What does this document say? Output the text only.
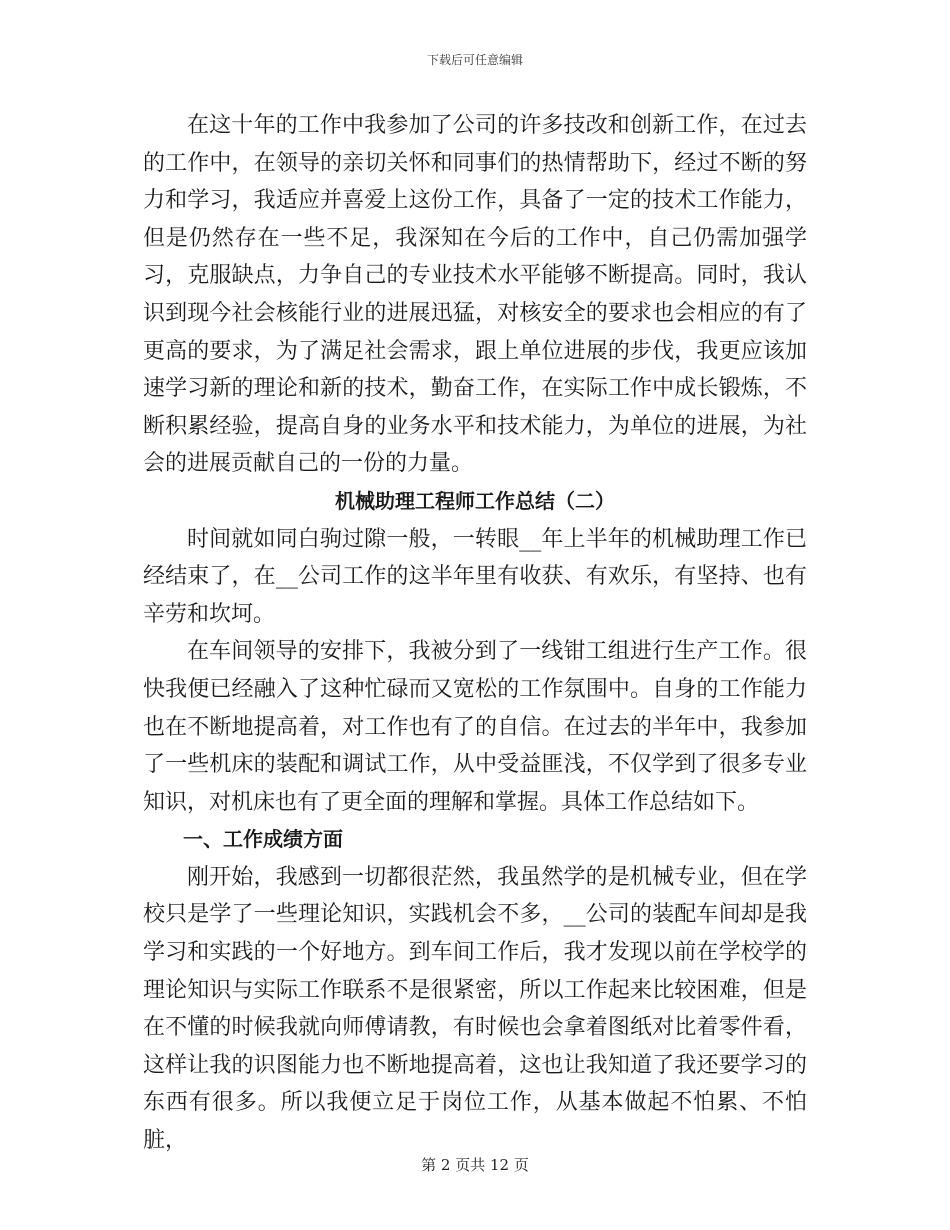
下载后可任意编辑

在这十年的工作中我参加了公司的许多技改和创新工作，在过去的工作中，在领导的亲切关怀和同事们的热情帮助下，经过不断的努力和学习，我适应并喜爱上这份工作，具备了一定的技术工作能力，但是仍然存在一些不足，我深知在今后的工作中，自己仍需加强学习，克服缺点，力争自己的专业技术水平能够不断提高。同时，我认识到现今社会核能行业的进展迅猛，对核安全的要求也会相应的有了更高的要求，为了满足社会需求，跟上单位进展的步伐，我更应该加速学习新的理论和新的技术，勤奋工作，在实际工作中成长锻炼，不断积累经验，提高自身的业务水平和技术能力，为单位的进展，为社会的进展贡献自己的一份的力量。

机械助理工程师工作总结（二）

时间就如同白驹过隙一般，一转眼__年上半年的机械助理工作已经结束了，在__公司工作的这半年里有收获、有欢乐，有坚持、也有辛劳和坎坷。

在车间领导的安排下，我被分到了一线钳工组进行生产工作。很快我便已经融入了这种忙碌而又宽松的工作氛围中。自身的工作能力也在不断地提高着，对工作也有了的自信。在过去的半年中，我参加了一些机床的装配和调试工作，从中受益匪浅，不仅学到了很多专业知识，对机床也有了更全面的理解和掌握。具体工作总结如下。

一、工作成绩方面

刚开始，我感到一切都很茫然，我虽然学的是机械专业，但在学校只是学了一些理论知识，实践机会不多，__公司的装配车间却是我学习和实践的一个好地方。到车间工作后，我才发现以前在学校学的理论知识与实际工作联系不是很紧密，所以工作起来比较困难，但是在不懂的时候我就向师傅请教，有时候也会拿着图纸对比着零件看，这样让我的识图能力也不断地提高着，这也让我知道了我还要学习的东西有很多。所以我便立足于岗位工作，从基本做起不怕累、不怕脏，

第 2 页共 12 页
